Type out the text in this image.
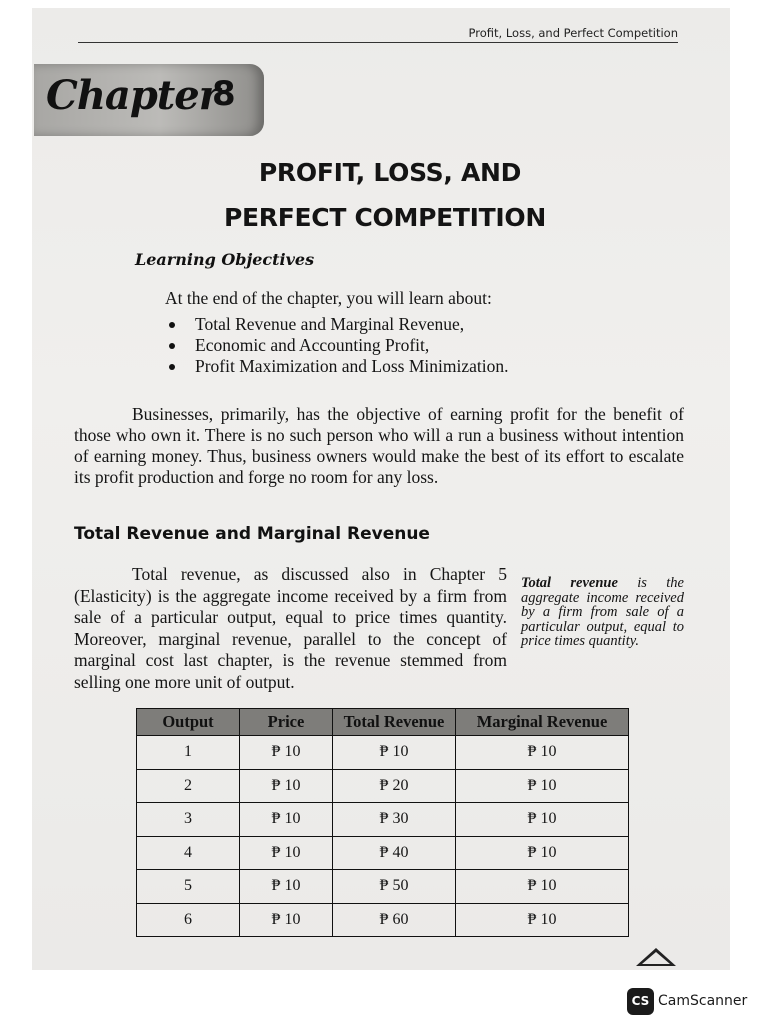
Profit, Loss, and Perfect Competition
Chapter
8
PROFIT, LOSS, AND
PERFECT COMPETITION
Learning Objectives
At the end of the chapter, you will learn about:
Total Revenue and Marginal Revenue,
Economic and Accounting Profit,
Profit Maximization and Loss Minimization.
Businesses, primarily, has the objective of earning profit for the benefit of those who own it. There is no such person who will a run a business without intention of earning money. Thus, business owners would make the best of its effort to escalate its profit production and forge no room for any loss.
Total Revenue and Marginal Revenue
Total revenue, as discussed also in Chapter 5 (Elasticity) is the aggregate income received by a firm from sale of a particular output, equal to price times quantity. Moreover, marginal revenue, parallel to the concept of marginal cost last chapter, is the revenue stemmed from selling one more unit of output.
Total revenue is the aggregate income received by a firm from sale of a particular output, equal to price times quantity.
Output	Price	Total Revenue	Marginal Revenue
1	₱ 10	₱ 10	₱ 10
2	₱ 10	₱ 20	₱ 10
3	₱ 10	₱ 30	₱ 10
4	₱ 10	₱ 40	₱ 10
5	₱ 10	₱ 50	₱ 10
6	₱ 10	₱ 60	₱ 10
CS CamScanner
